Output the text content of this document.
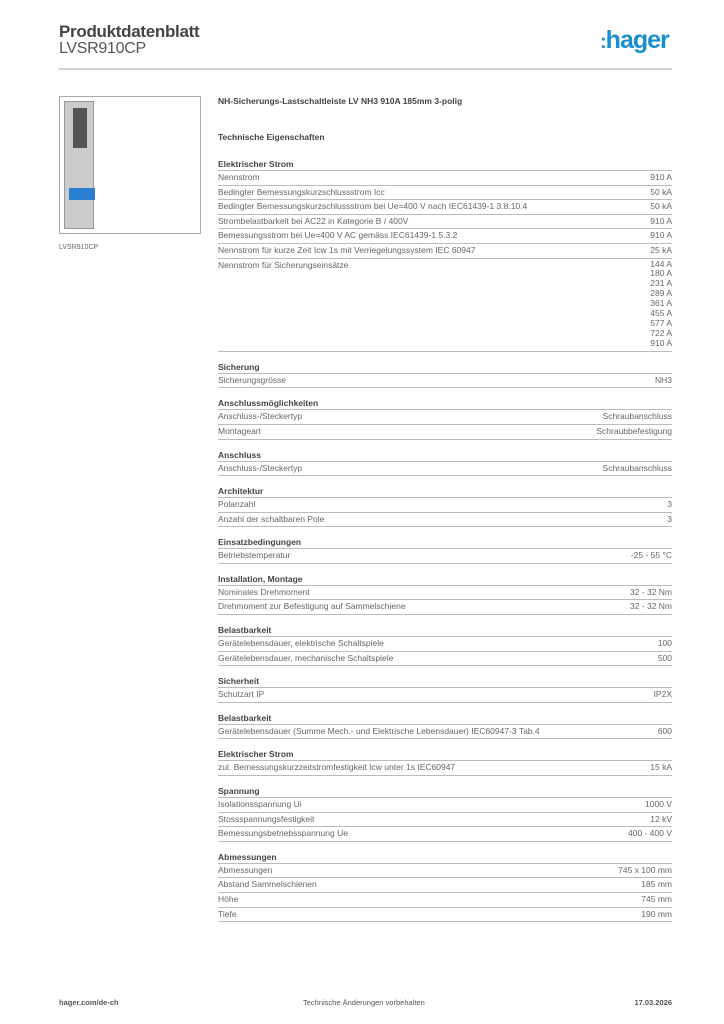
Produktdatenblatt
LVSR910CP	:hager
LVSR910CP
NH-Sicherungs-Lastschaltleiste LV NH3 910A 185mm 3-polig
Technische Eigenschaften
Elektrischer Strom
Nennstrom	910 A
Bedingter Bemessungskurzschlussstrom Icc	50 kA
Bedingter Bemessungskurzschlussstrom bei Ue=400 V nach IEC61439-1 3.8.10.4	50 kA
Strombelastbarkeit bei AC22 in Kategorie B / 400V	910 A
Bemessungsstrom bei Ue=400 V AC gemäss IEC61439-1 5.3.2	910 A
Nennstrom für kurze Zeit Icw 1s mit Verriegelungssystem IEC 60947	25 kA
Nennstrom für Sicherungseinsätze	144 A
180 A
231 A
289 A
361 A
455 A
577 A
722 A
910 A
Sicherung
Sicherungsgrösse	NH3
Anschlussmöglichkeiten
Anschluss-/Steckertyp	Schraubanschluss
Montageart	Schraubbefestigung
Anschluss
Anschluss-/Steckertyp	Schraubanschluss
Architektur
Polanzahl	3
Anzahl der schaltbaren Pole	3
Einsatzbedingungen
Betriebstemperatur	-25 - 55 °C
Installation, Montage
Nominales Drehmoment	32 - 32 Nm
Drehmoment zur Befestigung auf Sammelschiene	32 - 32 Nm
Belastbarkeit
Gerätelebensdauer, elektrische Schaltspiele	100
Gerätelebensdauer, mechanische Schaltspiele	500
Sicherheit
Schutzart IP	IP2X
Belastbarkeit
Gerätelebensdauer (Summe Mech.- und Elektrische Lebensdauer) IEC60947-3 Tab.4	600
Elektrischer Strom
zul. Bemessungskurzzeitstromfestigkeit Icw unter 1s IEC60947	15 kA
Spannung
Isolationsspannung Ui	1000 V
Stossspannungsfestigkeit	12 kV
Bemessungsbetriebsspannung Ue	400 - 400 V
Abmessungen
Abmessungen	745 x 100 mm
Abstand Sammelschienen	185 mm
Höhe	745 mm
Tiefe	190 mm
hager.com/de-ch	Technische Änderungen vorbehalten	17.03.2026
